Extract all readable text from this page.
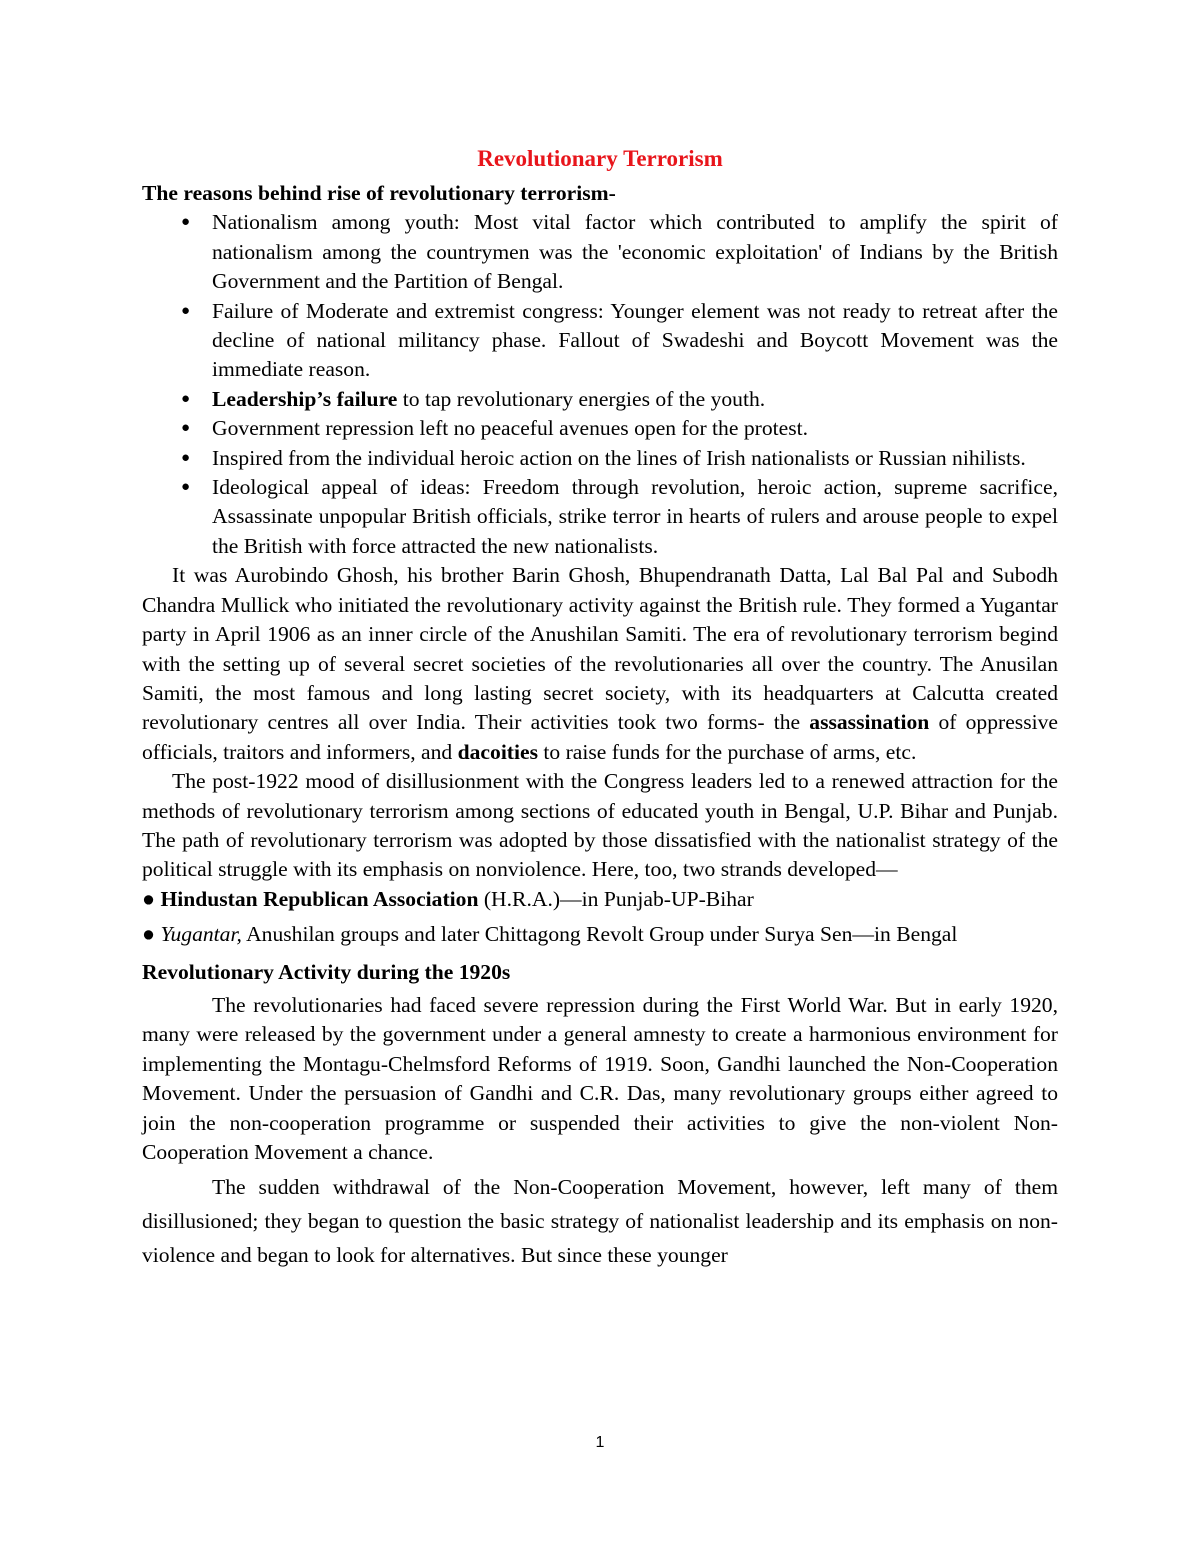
Revolutionary Terrorism
The reasons behind rise of revolutionary terrorism-
● Nationalism among youth: Most vital factor which contributed to amplify the spirit of nationalism among the countrymen was the 'economic exploitation' of Indians by the British Government and the Partition of Bengal.
● Failure of Moderate and extremist congress: Younger element was not ready to retreat after the decline of national militancy phase. Fallout of Swadeshi and Boycott Movement was the immediate reason.
● Leadership’s failure to tap revolutionary energies of the youth.
● Government repression left no peaceful avenues open for the protest.
● Inspired from the individual heroic action on the lines of Irish nationalists or Russian nihilists.
● Ideological appeal of ideas: Freedom through revolution, heroic action, supreme sacrifice, Assassinate unpopular British officials, strike terror in hearts of rulers and arouse people to expel the British with force attracted the new nationalists.

It was Aurobindo Ghosh, his brother Barin Ghosh, Bhupendranath Datta, Lal Bal Pal and Subodh Chandra Mullick who initiated the revolutionary activity against the British rule. They formed a Yugantar party in April 1906 as an inner circle of the Anushilan Samiti. The era of revolutionary terrorism begind with the setting up of several secret societies of the revolutionaries all over the country. The Anusilan Samiti, the most famous and long lasting secret society, with its headquarters at Calcutta created revolutionary centres all over India. Their activities took two forms- the assassination of oppressive officials, traitors and informers, and dacoities to raise funds for the purchase of arms, etc.

The post-1922 mood of disillusionment with the Congress leaders led to a renewed attraction for the methods of revolutionary terrorism among sections of educated youth in Bengal, U.P. Bihar and Punjab. The path of revolutionary terrorism was adopted by those dissatisfied with the nationalist strategy of the political struggle with its emphasis on nonviolence. Here, too, two strands developed—

● Hindustan Republican Association (H.R.A.)—in Punjab-UP-Bihar
● Yugantar, Anushilan groups and later Chittagong Revolt Group under Surya Sen—in Bengal
Revolutionary Activity during the 1920s

The revolutionaries had faced severe repression during the First World War. But in early 1920, many were released by the government under a general amnesty to create a harmonious environment for implementing the Montagu-Chelmsford Reforms of 1919. Soon, Gandhi launched the Non-Cooperation Movement. Under the persuasion of Gandhi and C.R. Das, many revolutionary groups either agreed to join the non-cooperation programme or suspended their activities to give the non-violent Non-Cooperation Movement a chance.

The sudden withdrawal of the Non-Cooperation Movement, however, left many of them disillusioned; they began to question the basic strategy of nationalist leadership and its emphasis on non-violence and began to look for alternatives. But since these younger

1
